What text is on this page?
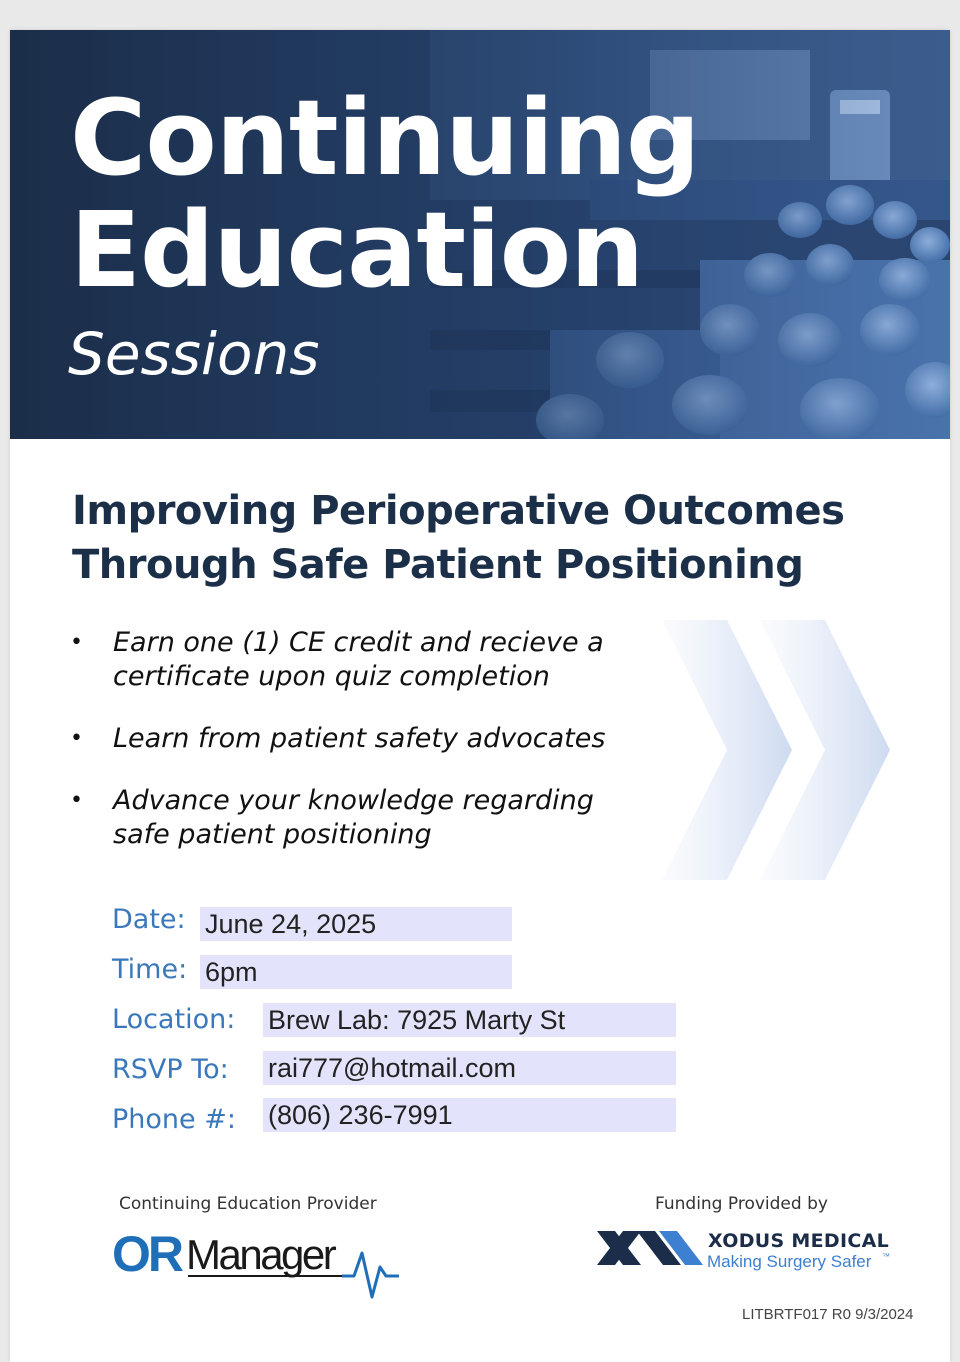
Continuing
Education
Sessions
Improving Perioperative Outcomes
Through Safe Patient Positioning
• Earn one (1) CE credit and recieve a
certificate upon quiz completion
• Learn from patient safety advocates
• Advance your knowledge regarding
safe patient positioning
Date: June 24, 2025
Time: 6pm
Location: Brew Lab: 7925 Marty St
RSVP To: rai777@hotmail.com
Phone #: (806) 236-7991
Continuing Education Provider
OR Manager
Funding Provided by
XODUS MEDICAL
Making Surgery Safer ™
LITBRTF017 R0 9/3/2024
